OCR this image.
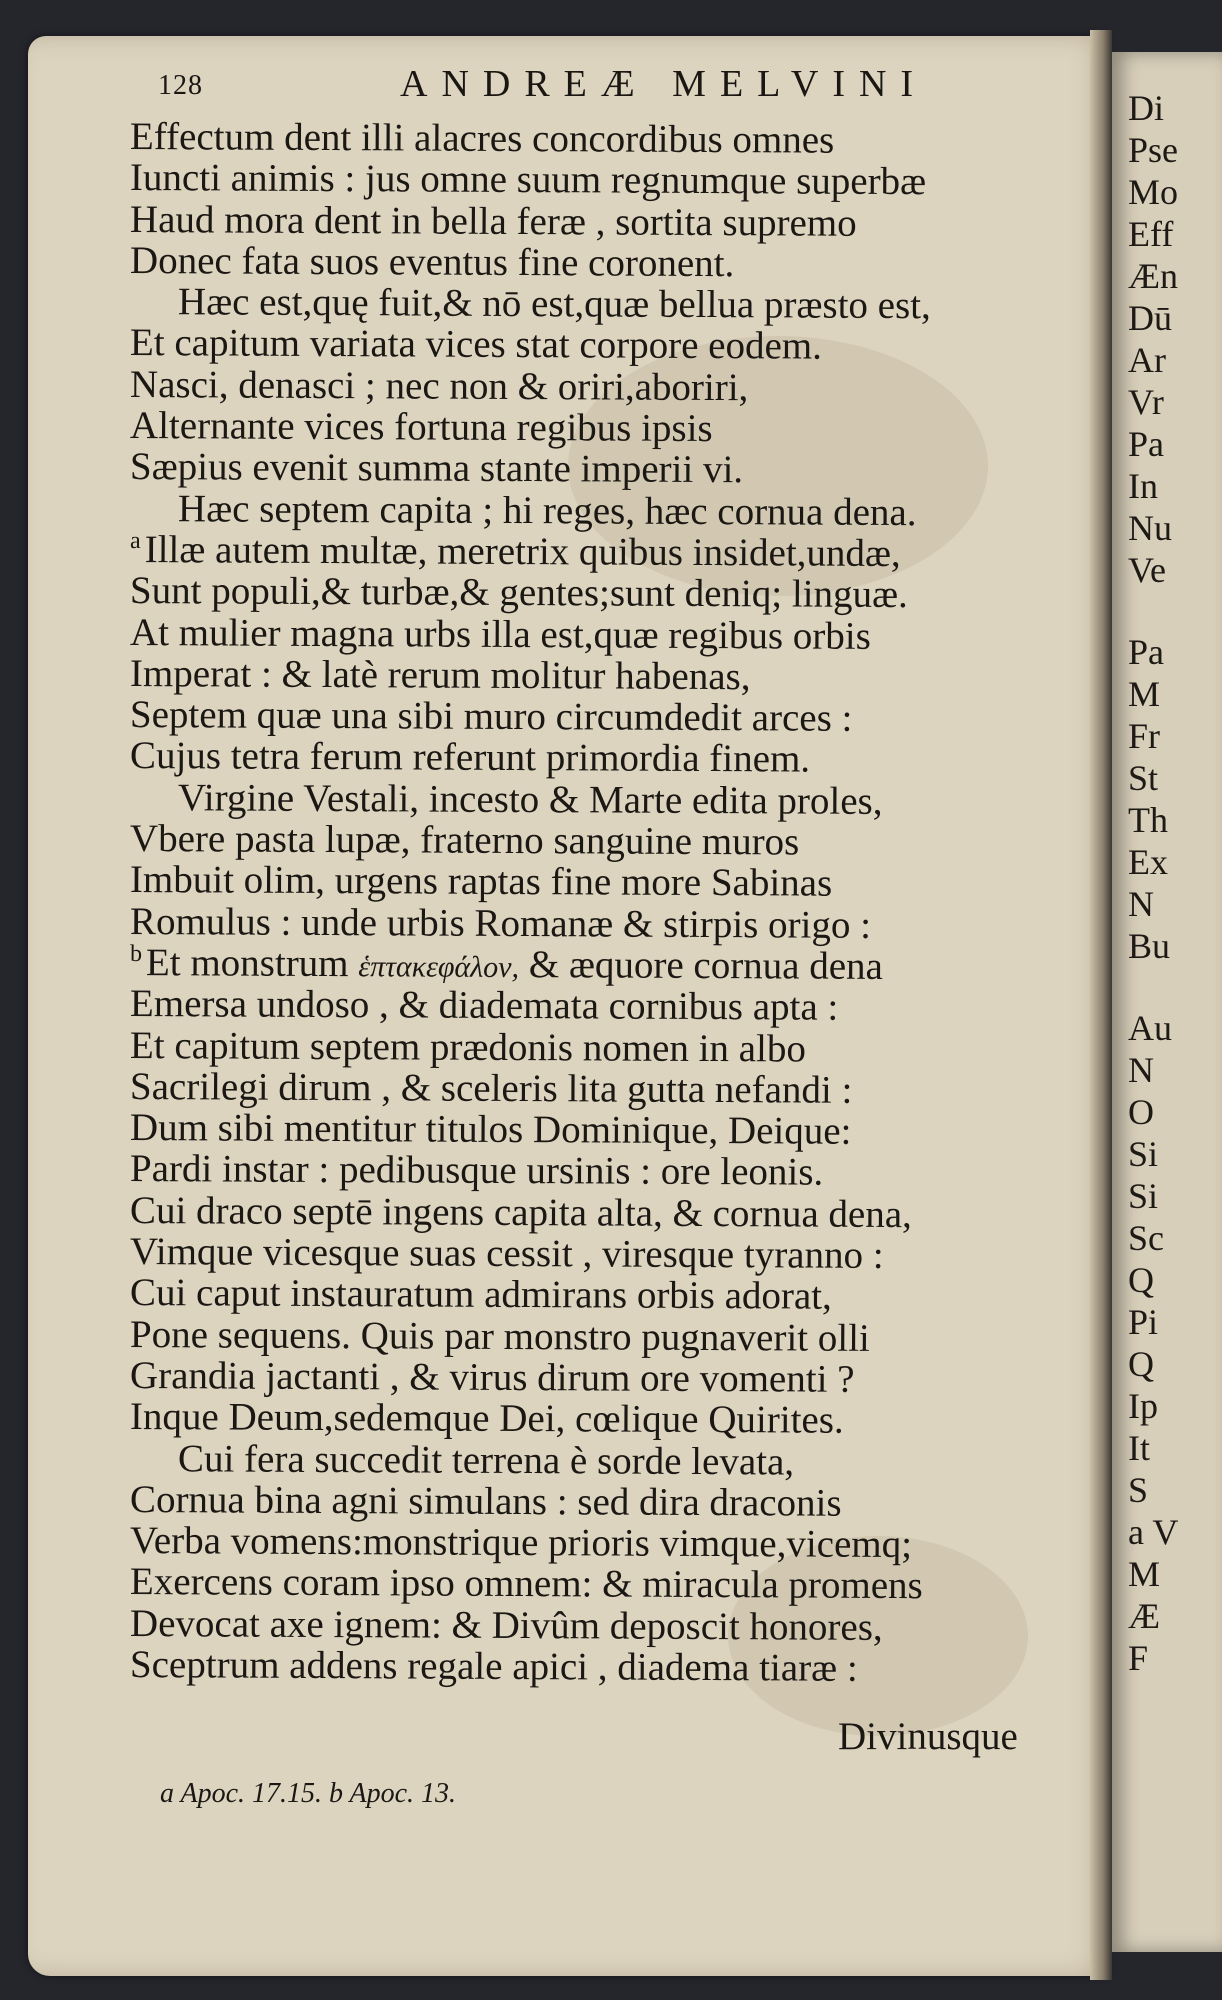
Di
Pse
Mo
Eff
Æn
Dū
Ar
Vr
Pa
In
Nu
Ve
Pa
M
Fr
St
Th
Ex
N
Bu
Au
N
O
Si
Si
Sc
Q
Pi
Q
Ip
It
S
a V
M
Æ
F
128	ANDREÆ MELVINI
Effectum dent illi alacres concordibus omnes
Iuncti animis : jus omne suum regnumque superbæ
Haud mora dent in bella feræ , sortita supremo
Donec fata suos eventus fine coronent.
Hæc est,quę fuit,& nō est,quæ bellua præsto est,
Et capitum variata vices stat corpore eodem.
Nasci, denasci ; nec non & oriri,aboriri,
Alternante vices fortuna regibus ipsis
Sæpius evenit summa stante imperii vi.
Hæc septem capita ; hi reges, hæc cornua dena.
$^a$Illæ autem multæ, meretrix quibus insidet,undæ,
Sunt populi,& turbæ,& gentes;sunt deniq; linguæ.
At mulier magna urbs illa est,quæ regibus orbis
Imperat : & latè rerum molitur habenas,
Septem quæ una sibi muro circumdedit arces :
Cujus tetra ferum referunt primordia finem.
Virgine Vestali, incesto & Marte edita proles,
Vbere pasta lupæ, fraterno sanguine muros
Imbuit olim, urgens raptas fine more Sabinas
Romulus : unde urbis Romanæ & stirpis origo :
$^b$Et monstrum ἑπτακεφάλον, & æquore cornua dena
Emersa undoso , & diademata cornibus apta :
Et capitum septem prædonis nomen in albo
Sacrilegi dirum , & sceleris lita gutta nefandi :
Dum sibi mentitur titulos Dominique, Deique:
Pardi instar : pedibusque ursinis : ore leonis.
Cui draco septē ingens capita alta, & cornua dena,
Vimque vicesque suas cessit , viresque tyranno :
Cui caput instauratum admirans orbis adorat,
Pone sequens. Quis par monstro pugnaverit olli
Grandia jactanti , & virus dirum ore vomenti ?
Inque Deum,sedemque Dei, cœlique Quirites.
Cui fera succedit terrena è sorde levata,
Cornua bina agni simulans : sed dira draconis
Verba vomens:monstrique prioris vimque,vicemq;
Exercens coram ipso omnem: & miracula promens
Devocat axe ignem: & Divûm deposcit honores,
Sceptrum addens regale apici , diadema tiaræ :
Divinusque
a Apoc. 17.15. b Apoc. 13.
